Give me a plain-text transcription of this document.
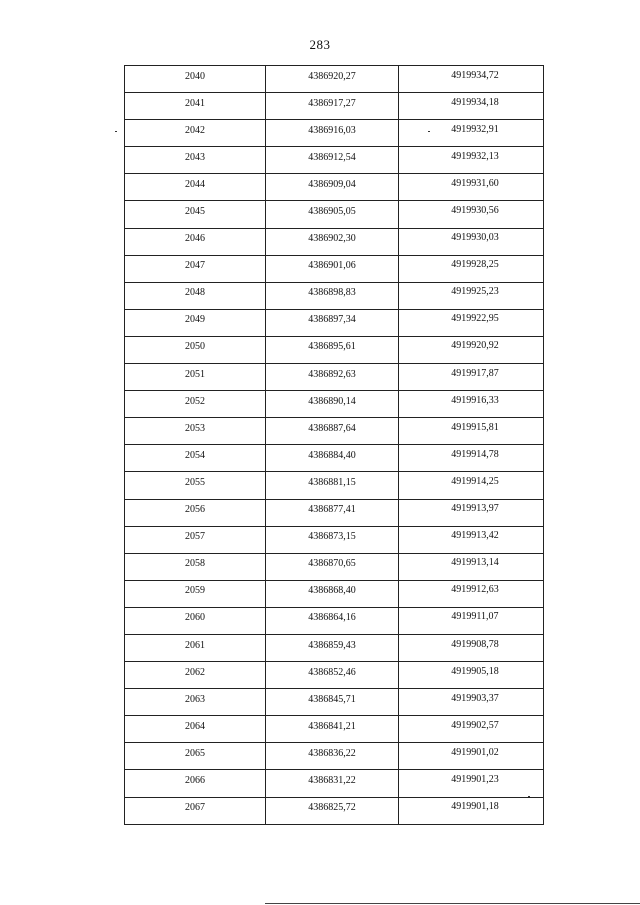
283
2040	4386920,27	4919934,72
2041	4386917,27	4919934,18
2042	4386916,03	4919932,91
2043	4386912,54	4919932,13
2044	4386909,04	4919931,60
2045	4386905,05	4919930,56
2046	4386902,30	4919930,03
2047	4386901,06	4919928,25
2048	4386898,83	4919925,23
2049	4386897,34	4919922,95
2050	4386895,61	4919920,92
2051	4386892,63	4919917,87
2052	4386890,14	4919916,33
2053	4386887,64	4919915,81
2054	4386884,40	4919914,78
2055	4386881,15	4919914,25
2056	4386877,41	4919913,97
2057	4386873,15	4919913,42
2058	4386870,65	4919913,14
2059	4386868,40	4919912,63
2060	4386864,16	4919911,07
2061	4386859,43	4919908,78
2062	4386852,46	4919905,18
2063	4386845,71	4919903,37
2064	4386841,21	4919902,57
2065	4386836,22	4919901,02
2066	4386831,22	4919901,23
2067	4386825,72	4919901,18
